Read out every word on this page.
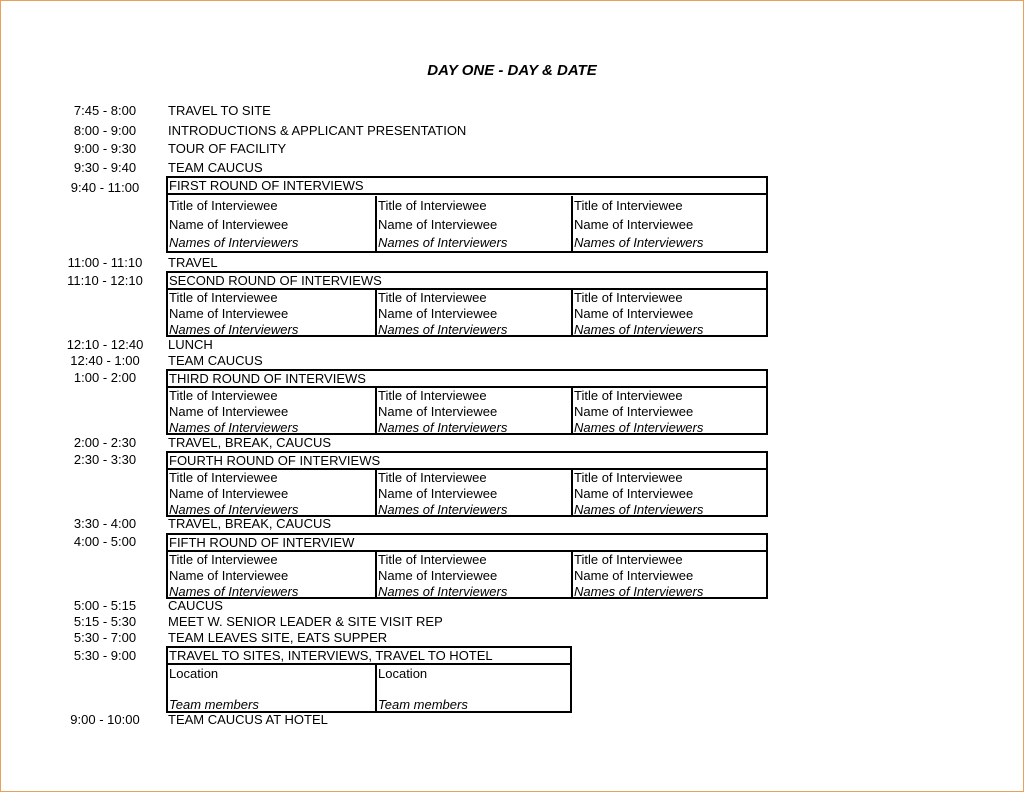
DAY ONE - DAY & DATE
7:45 - 8:00
8:00 - 9:00
9:00 - 9:30
9:30 - 9:40
9:40 - 11:00
11:00 - 11:10
11:10 - 12:10
12:10 - 12:40
12:40 - 1:00
1:00 - 2:00
2:00 - 2:30
2:30 - 3:30
3:30 - 4:00
4:00 - 5:00
5:00 - 5:15
5:15 - 5:30
5:30 - 7:00
5:30 - 9:00
9:00 - 10:00
TRAVEL TO SITE
INTRODUCTIONS & APPLICANT PRESENTATION
TOUR OF FACILITY
TEAM CAUCUS
TRAVEL
LUNCH
TEAM CAUCUS
TRAVEL, BREAK, CAUCUS
TRAVEL, BREAK, CAUCUS
CAUCUS
MEET W. SENIOR LEADER & SITE VISIT REP
TEAM LEAVES SITE, EATS SUPPER
TEAM CAUCUS AT HOTEL
FIRST ROUND OF INTERVIEWS
Title of Interviewee
Name of Interviewee
Names of Interviewers
Title of Interviewee
Name of Interviewee
Names of Interviewers
Title of Interviewee
Name of Interviewee
Names of Interviewers
SECOND ROUND OF INTERVIEWS
Title of Interviewee
Name of Interviewee
Names of Interviewers
Title of Interviewee
Name of Interviewee
Names of Interviewers
Title of Interviewee
Name of Interviewee
Names of Interviewers
THIRD ROUND OF INTERVIEWS
Title of Interviewee
Name of Interviewee
Names of Interviewers
Title of Interviewee
Name of Interviewee
Names of Interviewers
Title of Interviewee
Name of Interviewee
Names of Interviewers
FOURTH ROUND OF INTERVIEWS
Title of Interviewee
Name of Interviewee
Names of Interviewers
Title of Interviewee
Name of Interviewee
Names of Interviewers
Title of Interviewee
Name of Interviewee
Names of Interviewers
FIFTH ROUND OF INTERVIEW
Title of Interviewee
Name of Interviewee
Names of Interviewers
Title of Interviewee
Name of Interviewee
Names of Interviewers
Title of Interviewee
Name of Interviewee
Names of Interviewers
TRAVEL TO SITES, INTERVIEWS, TRAVEL TO HOTEL
Location
Team members
Location
Team members
